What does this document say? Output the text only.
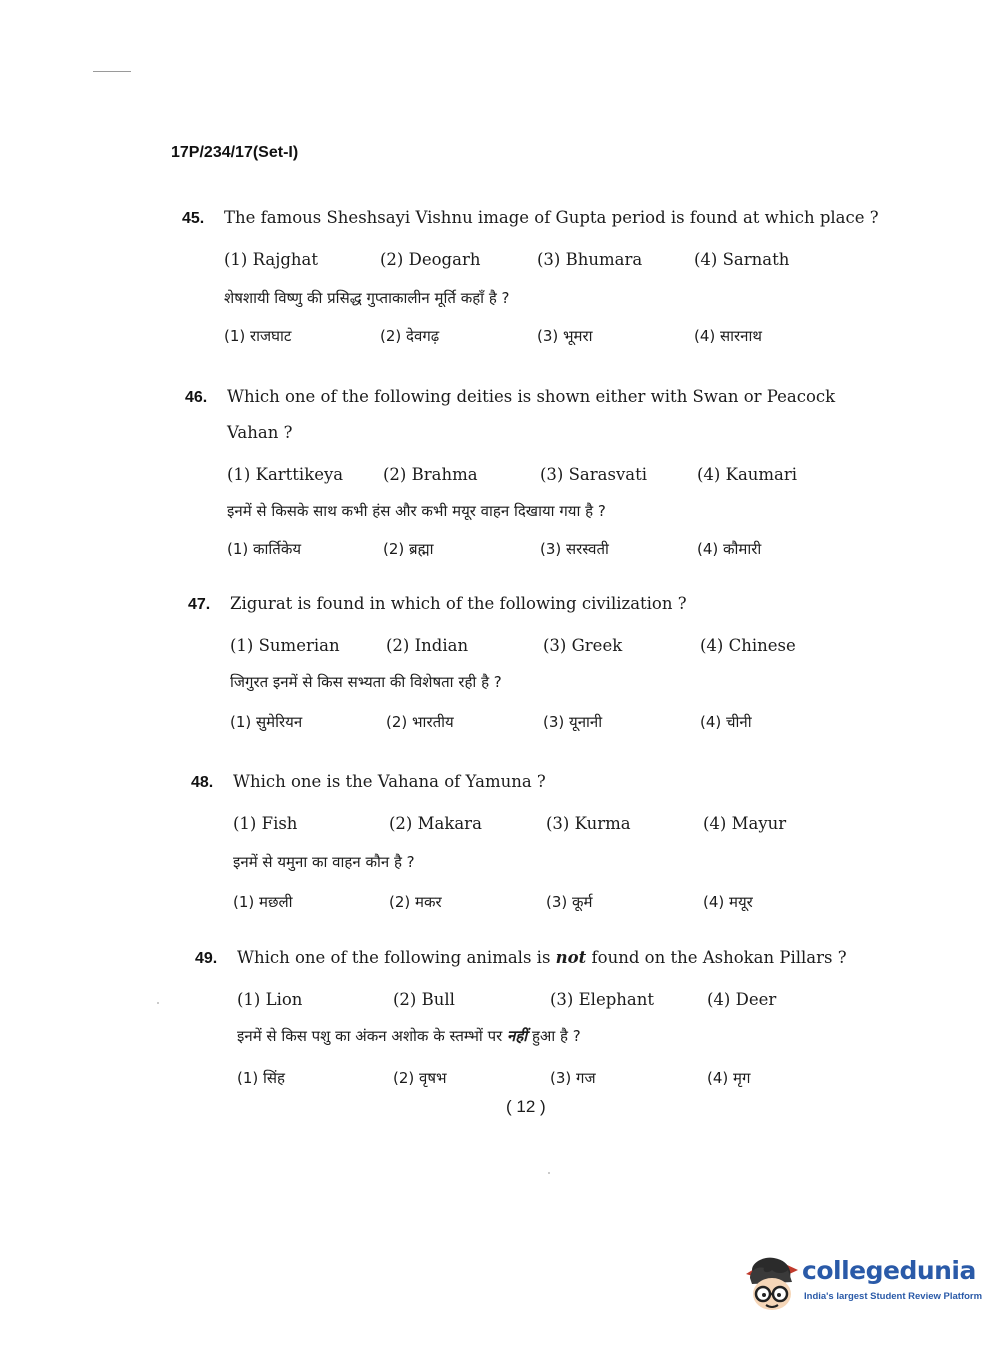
17P/234/17(Set-I)
45. The famous Sheshsayi Vishnu image of Gupta period is found at which place ?
(1) Rajghat	(2) Deogarh	(3) Bhumara	(4) Sarnath
शेषशायी विष्णु की प्रसिद्ध गुप्ताकालीन मूर्ति कहाँ है ?
(1) राजघाट	(2) देवगढ़	(3) भूमरा	(4) सारनाथ
46. Which one of the following deities is shown either with Swan or Peacock
Vahan ?
(1) Karttikeya (2) Brahma	(3) Sarasvati	(4) Kaumari
इनमें से किसके साथ कभी हंस और कभी मयूर वाहन दिखाया गया है ?
(1) कार्तिकेय	(2) ब्रह्मा	(3) सरस्वती	(4) कौमारी
47. Zigurat is found in which of the following civilization ?
(1) Sumerian	(2) Indian	(3) Greek	(4) Chinese
जिगुरत इनमें से किस सभ्यता की विशेषता रही है ?
(1) सुमेरियन	(2) भारतीय	(3) यूनानी	(4) चीनी
48. Which one is the Vahana of Yamuna ?
(1) Fish	(2) Makara	(3) Kurma	(4) Mayur
इनमें से यमुना का वाहन कौन है ?
(1) मछली	(2) मकर	(3) कूर्म	(4) मयूर
49. Which one of the following animals is not found on the Ashokan Pillars ?
(1) Lion	(2) Bull	(3) Elephant	(4) Deer
इनमें से किस पशु का अंकन अशोक के स्तम्भों पर नहीं हुआ है ?
(1) सिंह	(2) वृषभ	(3) गज	(4) मृग
( 12 )
collegedunia
India's largest Student Review Platform
